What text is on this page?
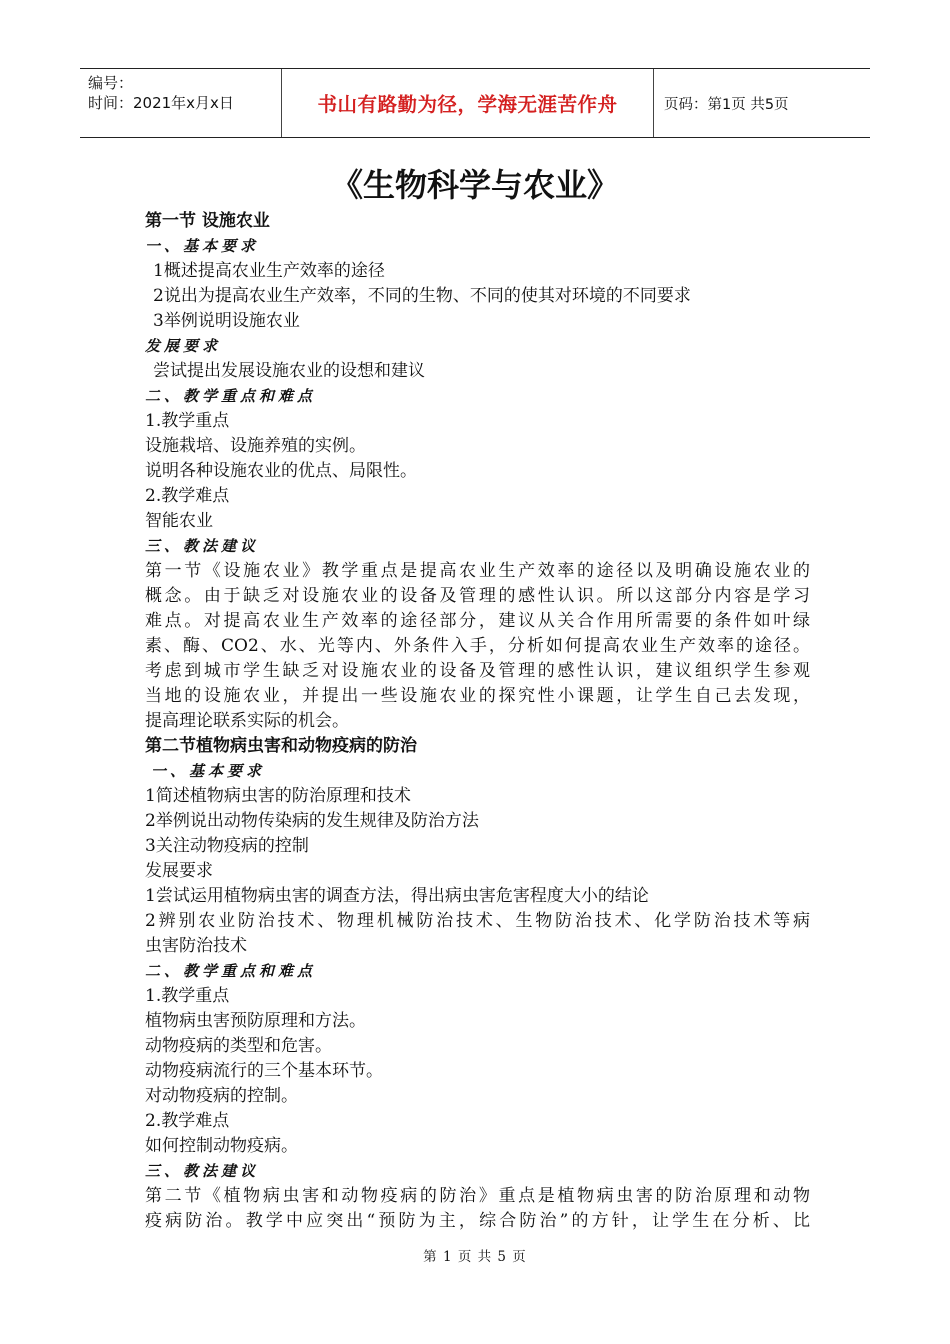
编号：
时间：2021年x月x日	书山有路勤为径，学海无涯苦作舟	页码：第1页 共5页
《生物科学与农业》
第一节 设施农业
一、基本要求
1概述提高农业生产效率的途径
2说出为提高农业生产效率，不同的生物、不同的使其对环境的不同要求
3举例说明设施农业
发展要求
尝试提出发展设施农业的设想和建议
二、教学重点和难点
1.教学重点
设施栽培、设施养殖的实例。
说明各种设施农业的优点、局限性。
2.教学难点
智能农业
三、教法建议
第一节《设施农业》教学重点是提高农业生产效率的途径以及明确设施农业的
概念。由于缺乏对设施农业的设备及管理的感性认识。所以这部分内容是学习
难点。对提高农业生产效率的途径部分，建议从关合作用所需要的条件如叶绿
素、酶、CO2、水、光等内、外条件入手，分析如何提高农业生产效率的途径。
考虑到城市学生缺乏对设施农业的设备及管理的感性认识，建议组织学生参观
当地的设施农业，并提出一些设施农业的探究性小课题，让学生自己去发现，
提高理论联系实际的机会。
第二节植物病虫害和动物疫病的防治
一、基本要求
1简述植物病虫害的防治原理和技术
2举例说出动物传染病的发生规律及防治方法
3关注动物疫病的控制
发展要求
1尝试运用植物病虫害的调查方法，得出病虫害危害程度大小的结论
2辨别农业防治技术、物理机械防治技术、生物防治技术、化学防治技术等病
虫害防治技术
二、教学重点和难点
1.教学重点
植物病虫害预防原理和方法。
动物疫病的类型和危害。
动物疫病流行的三个基本环节。
对动物疫病的控制。
2.教学难点
如何控制动物疫病。
三、教法建议
第二节《植物病虫害和动物疫病的防治》重点是植物病虫害的防治原理和动物
疫病防治。教学中应突出“预防为主，综合防治”的方针，让学生在分析、比
第 1 页 共 5 页
